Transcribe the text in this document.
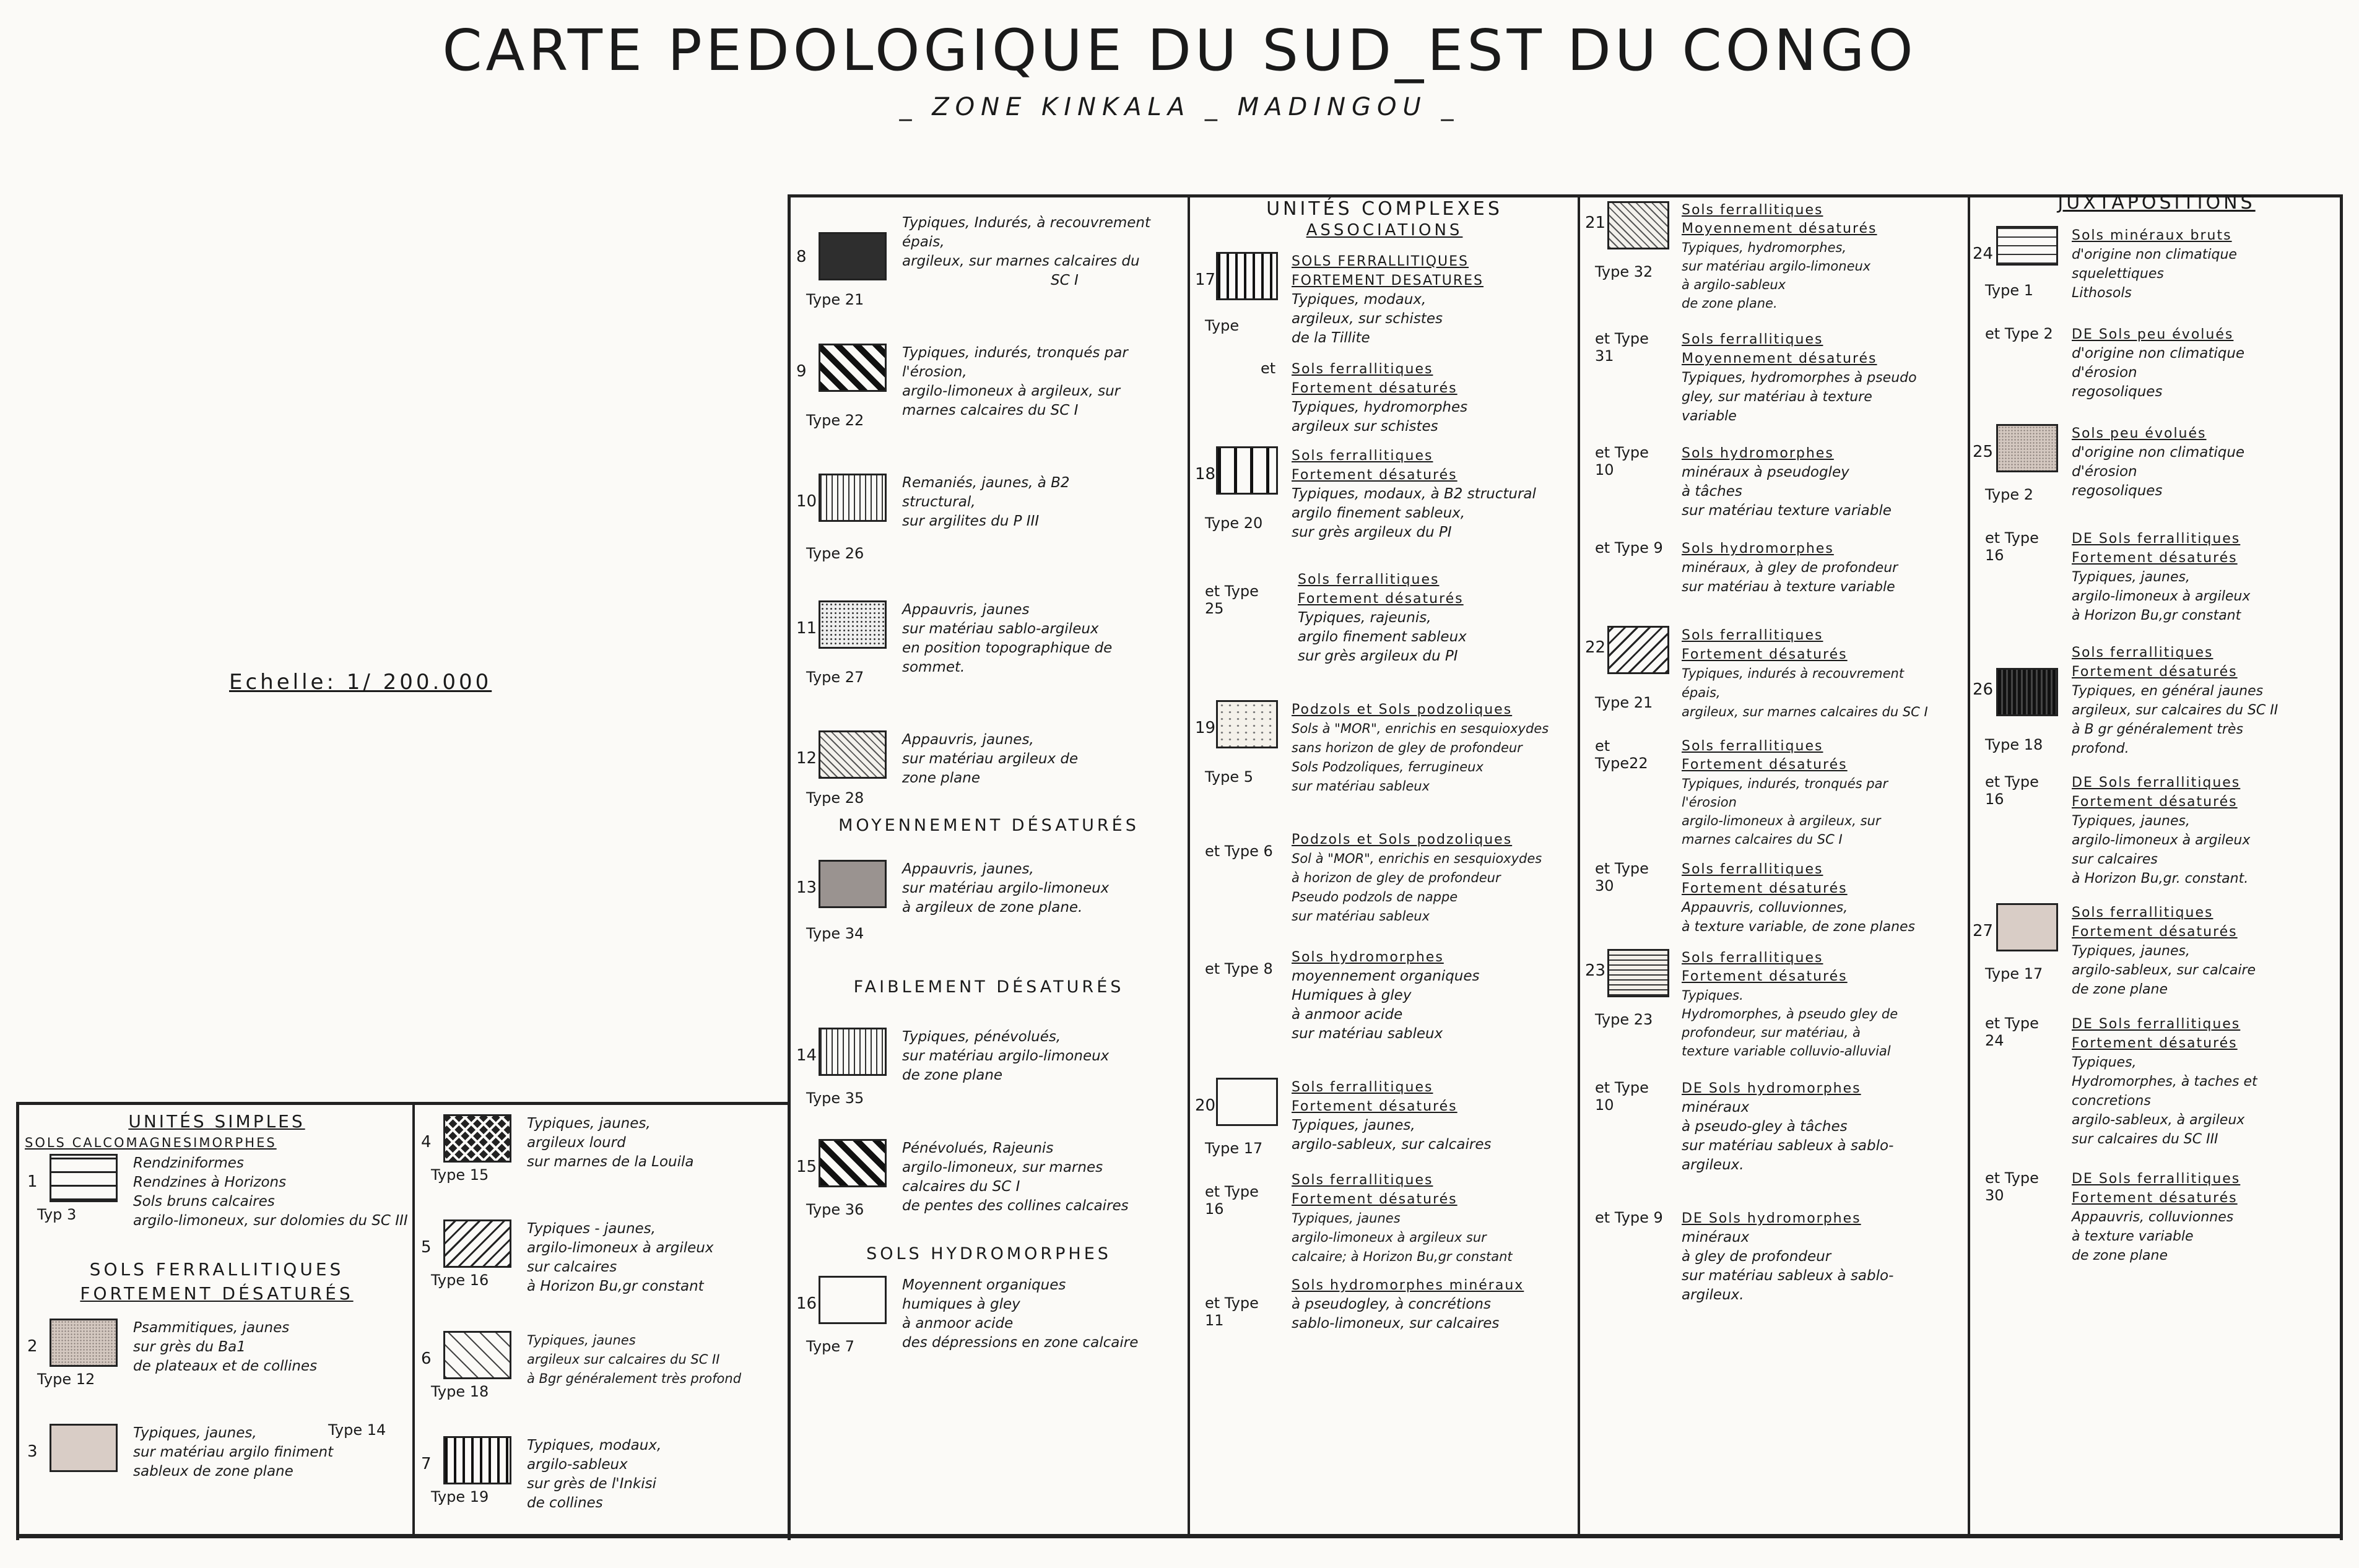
CARTE PEDOLOGIQUE DU SUD_EST DU CONGO
_ ZONE KINKALA _ MADINGOU _
Echelle: 1/ 200.000
UNITÉS SIMPLES
SOLS CALCOMAGNESIMORPHES
1
Typ 3
Rendziniformes
Rendzines à Horizons
Sols bruns calcaires
argilo-limoneux, sur dolomies du SC III
SOLS FERRALLITIQUES
FORTEMENT DÉSATURÉS
2
Type 12
Psammitiques, jaunes
sur grès du Ba1
de plateaux et de collines
3
Typiques, jaunes,
sur matériau argilo finiment
sableux de zone plane
Type 14
4
Type 15
Typiques, jaunes,
argileux lourd
sur marnes de la Louila
5
Type 16
Typiques - jaunes,
argilo-limoneux à argileux
sur calcaires
à Horizon Bu,gr constant
6
Type 18
Typiques, jaunes
argileux sur calcaires du SC II
à Bgr généralement très profond
7
Type 19
Typiques, modaux,
argilo-sableux
sur grès de l'Inkisi
de collines
8
Type 21
Typiques, Indurés, à recouvrement
épais,
argileux, sur marnes calcaires du
SC I
9
Type 22
Typiques, indurés, tronqués par
l'érosion,
argilo-limoneux à argileux, sur
marnes calcaires du SC I
10
Type 26
Remaniés, jaunes, à B2
structural,
sur argilites du P III
11
Type 27
Appauvris, jaunes
sur matériau sablo-argileux
en position topographique de
sommet.
12
Type 28
Appauvris, jaunes,
sur matériau argileux de
zone plane
MOYENNEMENT DÉSATURÉS
13
Type 34
Appauvris, jaunes,
sur matériau argilo-limoneux
à argileux de zone plane.
FAIBLEMENT DÉSATURÉS
14
Type 35
Typiques, pénévolués,
sur matériau argilo-limoneux
de zone plane
15
Type 36
Pénévolués, Rajeunis
argilo-limoneux, sur marnes
calcaires du SC I
de pentes des collines calcaires
SOLS HYDROMORPHES
16
Type 7
Moyennent organiques
humiques à gley
à anmoor acide
des dépressions en zone calcaire
UNITÉS COMPLEXES
ASSOCIATIONS
17
Type
SOLS FERRALLITIQUES
FORTEMENT DESATURES
Typiques, modaux,
argileux, sur schistes
de la Tillite
et Sols ferrallitiques
Fortement désaturés
Typiques, hydromorphes
argileux sur schistes
18
Type 20
Sols ferrallitiques
Fortement désaturés
Typiques, modaux, à B2 structural
argilo finement sableux,
sur grès argileux du PI
et Type 25
Sols ferrallitiques
Fortement désaturés
Typiques, rajeunis,
argilo finement sableux
sur grès argileux du PI
19
Type 5
Podzols et Sols podzoliques
Sols à "MOR", enrichis en sesquioxydes
sans horizon de gley de profondeur
Sols Podzoliques, ferrugineux
sur matériau sableux
et Type 6
Podzols et Sols podzoliques
Sol à "MOR", enrichis en sesquioxydes
à horizon de gley de profondeur
Pseudo podzols de nappe
sur matériau sableux
et Type 8
Sols hydromorphes
moyennement organiques
Humiques à gley
à anmoor acide
sur matériau sableux
20
Type 17
Sols ferrallitiques
Fortement désaturés
Typiques, jaunes,
argilo-sableux, sur calcaires
et Type 16
Sols ferrallitiques
Fortement désaturés
Typiques, jaunes
argilo-limoneux à argileux sur
calcaire; à Horizon Bu,gr constant
et Type 11
Sols hydromorphes minéraux
à pseudogley, à concrétions
sablo-limoneux, sur calcaires
21
Type 32
Sols ferrallitiques
Moyennement désaturés
Typiques, hydromorphes,
sur matériau argilo-limoneux
à argilo-sableux
de zone plane.
et Type 31
Sols ferrallitiques
Moyennement désaturés
Typiques, hydromorphes à pseudo
gley, sur matériau à texture
variable
et Type 10
Sols hydromorphes
minéraux à pseudogley
à tâches
sur matériau texture variable
et Type 9 Sols hydromorphes
minéraux, à gley de profondeur
sur matériau à texture variable
22
Type 21
Sols ferrallitiques
Fortement désaturés
Typiques, indurés à recouvrement
épais,
argileux, sur marnes calcaires du SC I
et Type22
Sols ferrallitiques
Fortement désaturés
Typiques, indurés, tronqués par
l'érosion
argilo-limoneux à argileux, sur
marnes calcaires du SC I
et Type 30
Sols ferrallitiques
Fortement désaturés
Appauvris, colluvionnes,
à texture variable, de zone planes
23
Type 23
Sols ferrallitiques
Fortement désaturés
Typiques.
Hydromorphes, à pseudo gley de
profondeur, sur matériau, à
texture variable colluvio-alluvial
et Type 10
DE Sols hydromorphes
minéraux
à pseudo-gley à tâches
sur matériau sableux à sablo-
argileux.
et Type 9 DE Sols hydromorphes
minéraux
à gley de profondeur
sur matériau sableux à sablo-
argileux.
JUXTAPOSITIONS
24
Type 1
Sols minéraux bruts
d'origine non climatique
squelettiques
Lithosols
et Type 2 DE Sols peu évolués
d'origine non climatique
d'érosion
regosoliques
25
Type 2
Sols peu évolués
d'origine non climatique
d'érosion
regosoliques
et Type 16
DE Sols ferrallitiques
Fortement désaturés
Typiques, jaunes,
argilo-limoneux à argileux
à Horizon Bu,gr constant
26
Type 18
Sols ferrallitiques
Fortement désaturés
Typiques, en général jaunes
argileux, sur calcaires du SC II
à B gr généralement très
profond.
et Type 16
DE Sols ferrallitiques
Fortement désaturés
Typiques, jaunes,
argilo-limoneux à argileux
sur calcaires
à Horizon Bu,gr. constant.
27
Type 17
Sols ferrallitiques
Fortement désaturés
Typiques, jaunes,
argilo-sableux, sur calcaire
de zone plane
et Type 24
DE Sols ferrallitiques
Fortement désaturés
Typiques,
Hydromorphes, à taches et
concretions
argilo-sableux, à argileux
sur calcaires du SC III
et Type 30
DE Sols ferrallitiques
Fortement désaturés
Appauvris, colluvionnes
à texture variable
de zone plane
